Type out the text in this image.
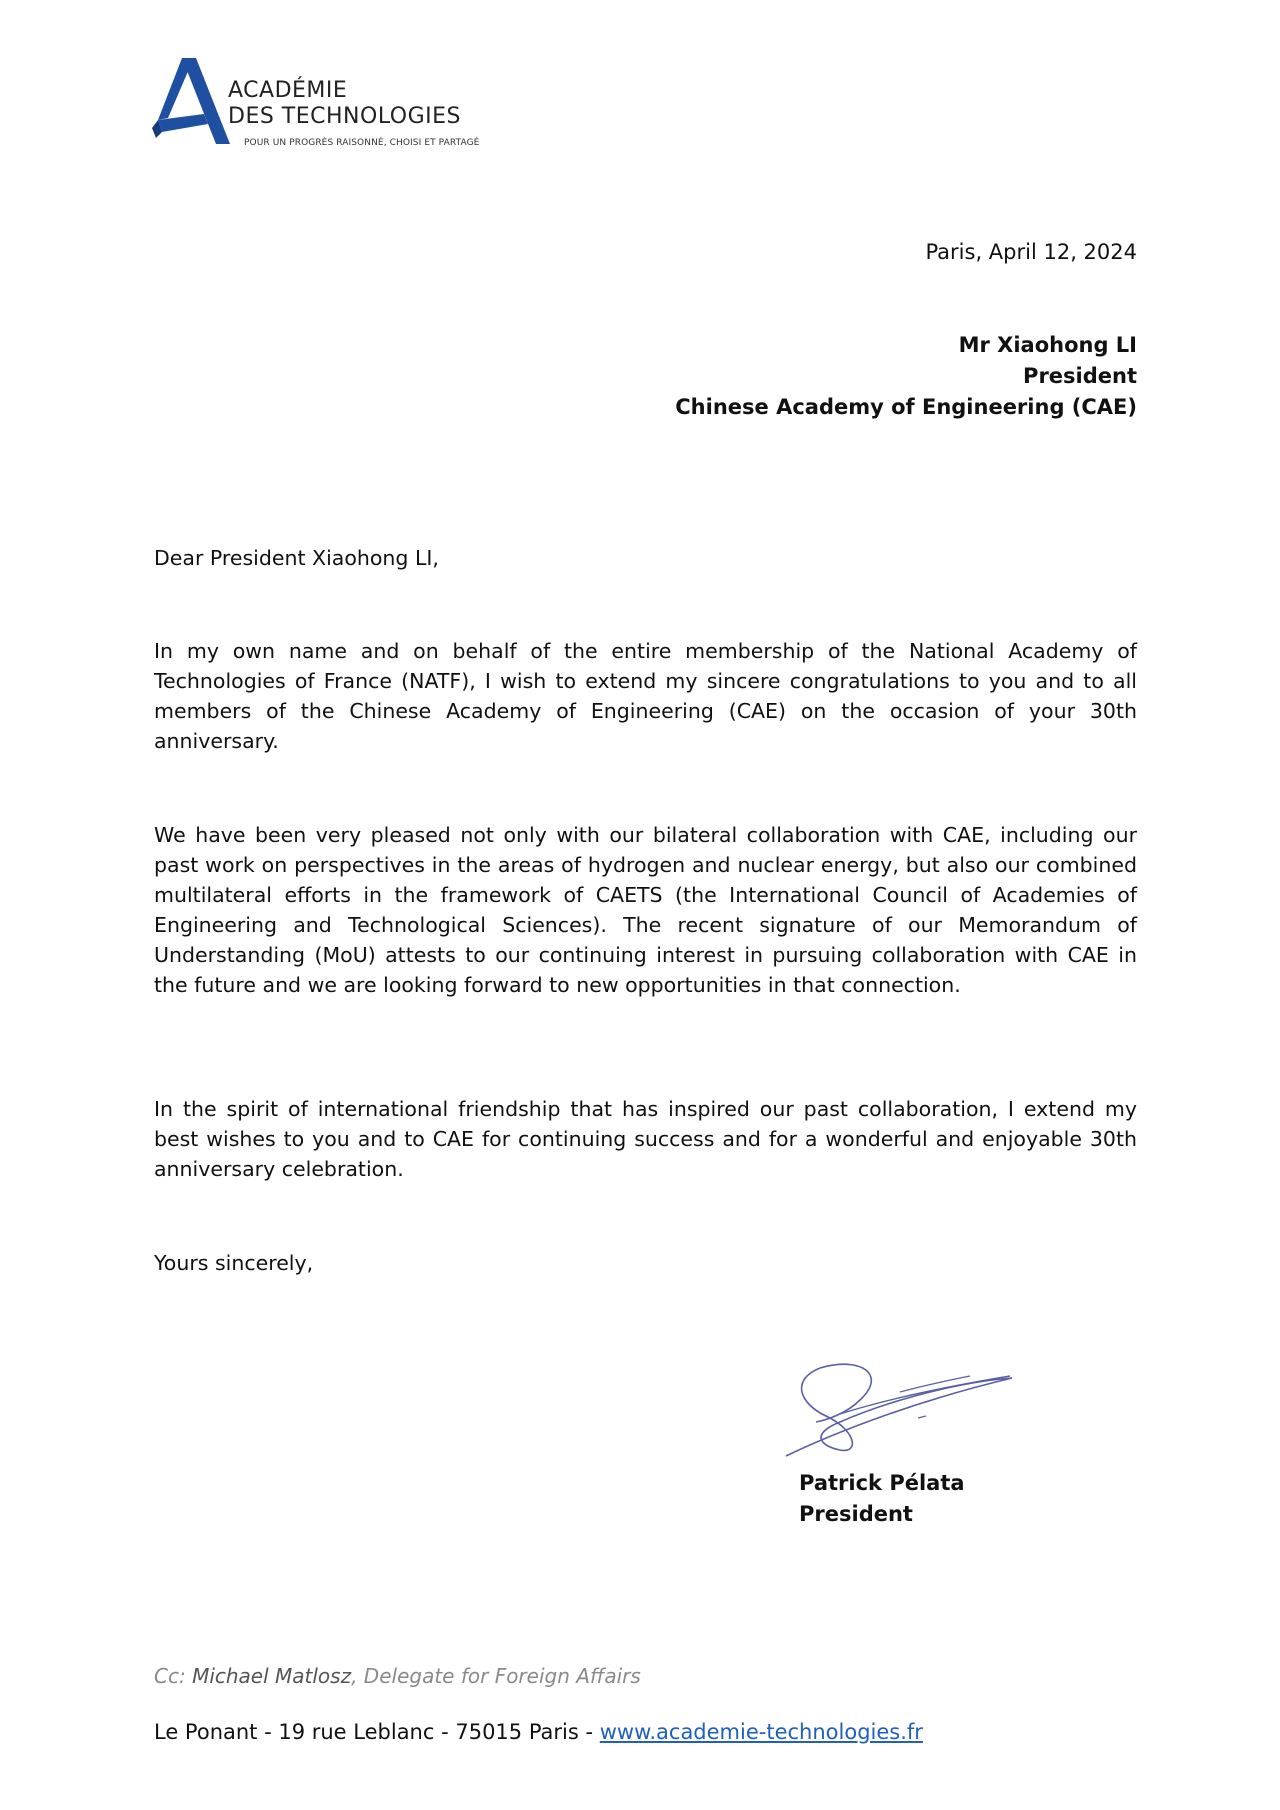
ACADÉMIE
DES TECHNOLOGIES
POUR UN PROGRÈS RAISONNÉ, CHOISI ET PARTAGÉ
Paris, April 12, 2024
Mr Xiaohong LI
President
Chinese Academy of Engineering (CAE)
Dear President Xiaohong LI,
In my own name and on behalf of the entire membership of the National Academy of Technologies of France (NATF), I wish to extend my sincere congratulations to you and to all members of the Chinese Academy of Engineering (CAE) on the occasion of your 30th anniversary.
We have been very pleased not only with our bilateral collaboration with CAE, including our past work on perspectives in the areas of hydrogen and nuclear energy, but also our combined multilateral efforts in the framework of CAETS (the International Council of Academies of Engineering and Technological Sciences). The recent signature of our Memorandum of Understanding (MoU) attests to our continuing interest in pursuing collaboration with CAE in the future and we are looking forward to new opportunities in that connection.
In the spirit of international friendship that has inspired our past collaboration, I extend my best wishes to you and to CAE for continuing success and for a wonderful and enjoyable 30th anniversary celebration.
Yours sincerely,
Patrick Pélata
President
Cc: Michael Matlosz, Delegate for Foreign Affairs
Le Ponant - 19 rue Leblanc - 75015 Paris - www.academie-technologies.fr
